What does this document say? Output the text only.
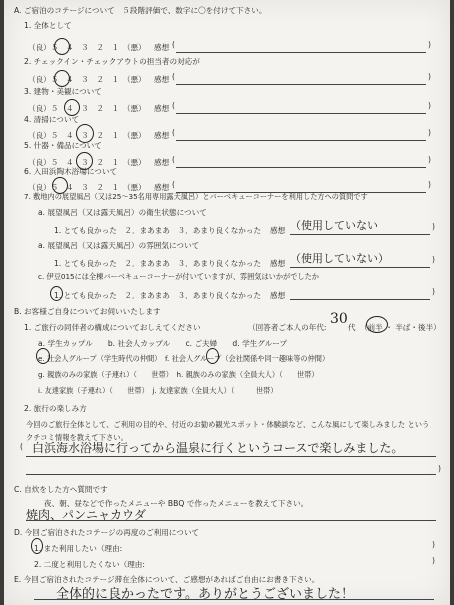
A. ご宿泊のコテージについて　５段階評価で、数字に〇を付けて下さい。
1. 全体として
（良）５　４　３　２　１　（悪） 感想 (	)
2. チェックイン・チェックアウトの担当者の対応が
（良）５　４　３　２　１　（悪） 感想 (	)
3. 建物・美観について
（良）５　４　３　２　１　（悪） 感想 (	)
4. 清掃について
（良）５　４　３　２　１　（悪） 感想 (	)
5. 什器・備品について
（良）５　４　３　２　１　（悪） 感想 (	)
6. 入田浜陶木浴場について
（良）５　４　３　２　１　（悪） 感想 (	)
7. 敷地内の展望風呂（又は25～35名用専用露天風呂）とバーベキューコーナーを利用した方への質問です
a. 展望風呂（又は露天風呂）の衛生状態について
1. とても良かった　２．まあまあ　３．あまり良くなかった 感想	)
（使用していない
a. 展望風呂（又は露天風呂）の雰囲気について
1. とても良かった　２．まあまあ　３．あまり良くなかった 感想	)
（使用していない）
c. 伊豆015には全棟バーベキューコーナーが付いていますが、雰囲気はいかがでしたか
1. とても良かった　２．まあまあ　３．あまり良くなかった 感想	)
B. お客様ご自身についてお伺いいたします
1. ご旅行の同伴者の構成についておしえてください	（回答者ご本人の年代:
30
代 （前半 ・ 半ば・後半）
a. 学生カップル　　b. 社会人カップル　　c. ご夫婦　　d. 学生グループ
e. 社会人グループ（学生時代の仲間）　f. 社会人グループ（会社関係や同一趣味等の仲間）
g. 親族のみの家族（子連れ）（　　世帯）　h. 親族のみの家族（全員大人）（　　世帯）
i. 友達家族（子連れ）（　　世帯）　j. 友達家族（全員大人）（　　　世帯）
2. 旅行の楽しみ方
今回のご旅行全体として、ご利用の目的や、付近のお勧め観光スポット・体験談など、こんな風にして楽しみました というクチコミ情報を教えて下さい。
( 白浜海水浴場に行ってから温泉に行くというコースで楽しみました。
)
C. 自炊をした方へ質問です
夜、朝、昼などで作ったメニューや BBQ で作ったメニューを教えて下さい。
焼肉、パンニャカウダ
D. 今回ご宿泊されたコテージの再度のご利用について
1. また利用したい（理由:	)
2. 二度と利用したくない（理由:	)
E. 今回ご宿泊されたコテージ滞在全体について、ご感想があればご自由にお書き下さい。
全体的に良かったです。ありがとうございました！
